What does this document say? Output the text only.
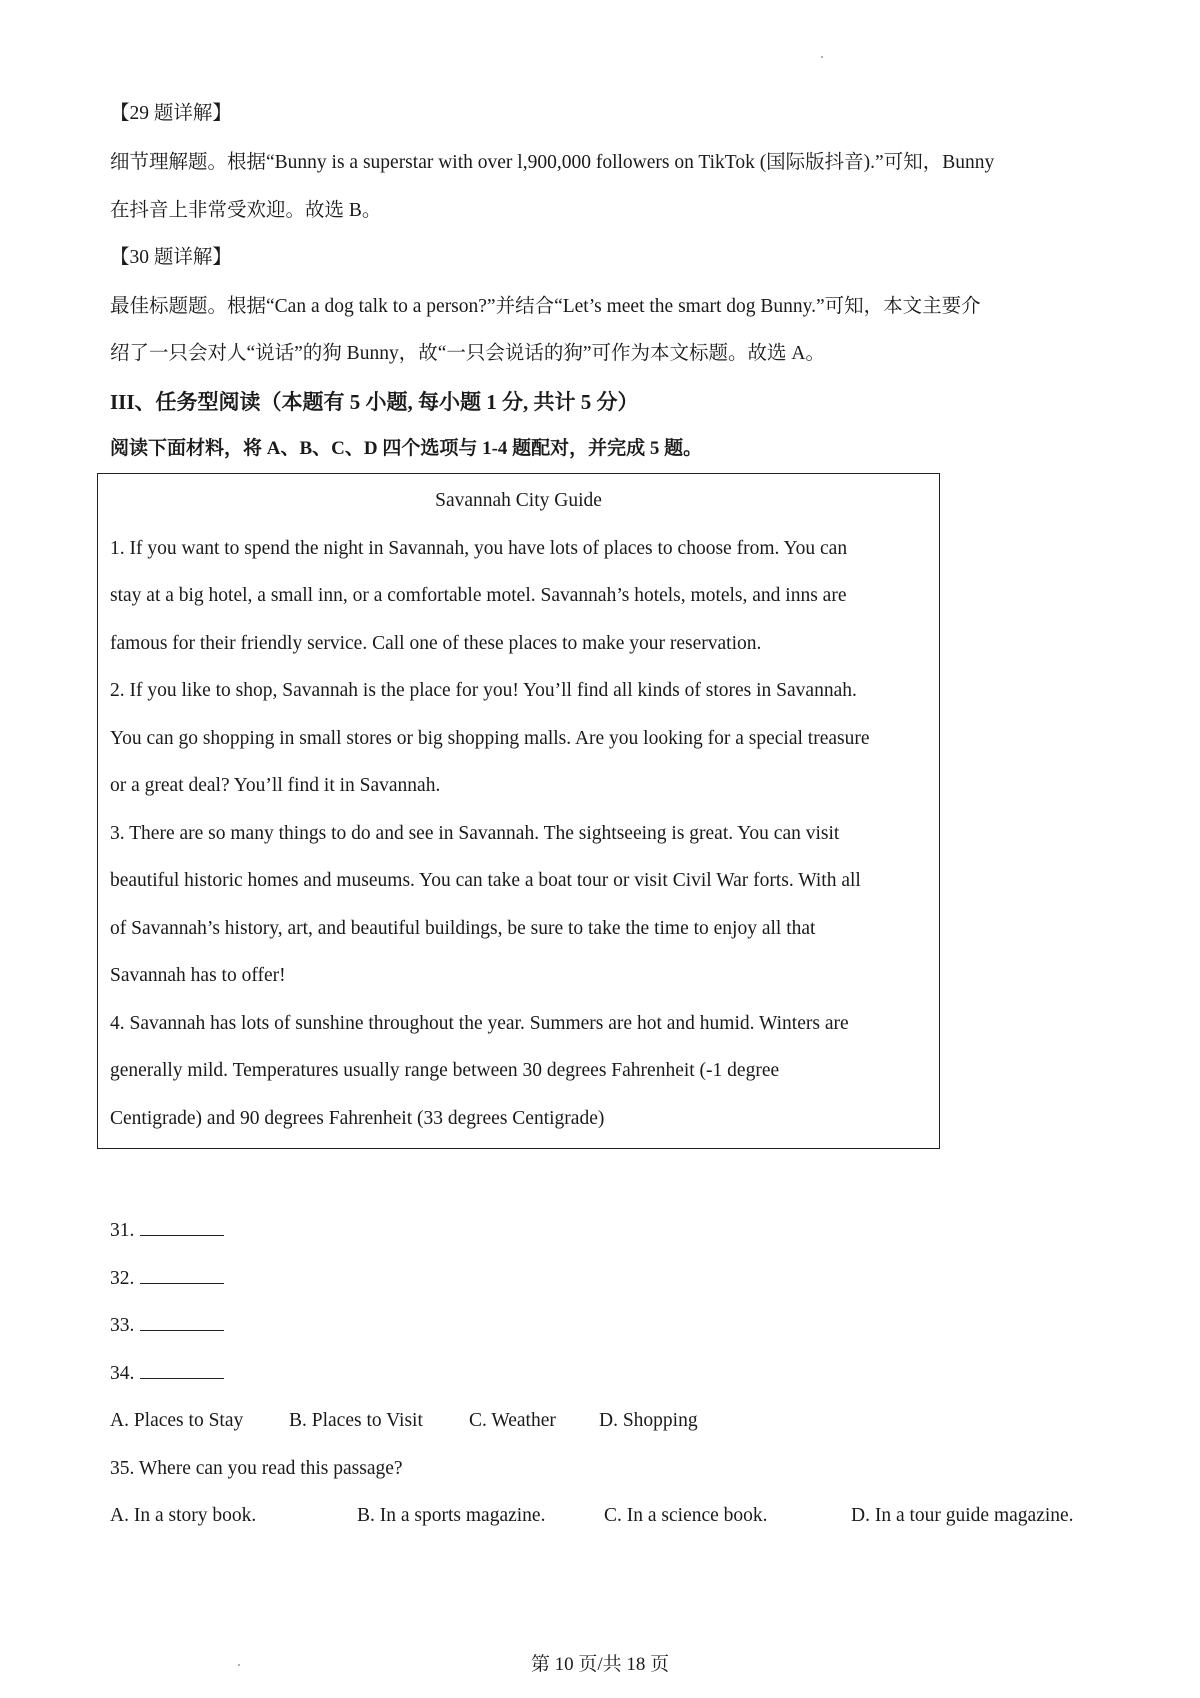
【29 题详解】
细节理解题。根据“Bunny is a superstar with over l,900,000 followers on TikTok (国际版抖音).”可知，Bunny
在抖音上非常受欢迎。故选 B。
【30 题详解】
最佳标题题。根据“Can a dog talk to a person?”并结合“Let’s meet the smart dog Bunny.”可知，本文主要介
绍了一只会对人“说话”的狗 Bunny，故“一只会说话的狗”可作为本文标题。故选 A。
III、任务型阅读（本题有 5 小题, 每小题 1 分, 共计 5 分）
阅读下面材料，将 A、B、C、D 四个选项与 1-4 题配对，并完成 5 题。
Savannah City Guide
1. If you want to spend the night in Savannah, you have lots of places to choose from. You can
stay at a big hotel, a small inn, or a comfortable motel. Savannah’s hotels, motels, and inns are
famous for their friendly service. Call one of these places to make your reservation.
2. If you like to shop, Savannah is the place for you! You’ll find all kinds of stores in Savannah.
You can go shopping in small stores or big shopping malls. Are you looking for a special treasure
or a great deal? You’ll find it in Savannah.
3. There are so many things to do and see in Savannah. The sightseeing is great. You can visit
beautiful historic homes and museums. You can take a boat tour or visit Civil War forts. With all
of Savannah’s history, art, and beautiful buildings, be sure to take the time to enjoy all that
Savannah has to offer!
4. Savannah has lots of sunshine throughout the year. Summers are hot and humid. Winters are
generally mild. Temperatures usually range between 30 degrees Fahrenheit (-1 degree
Centigrade) and 90 degrees Fahrenheit (33 degrees Centigrade)
31.
32.
33.
34.
A. Places to Stay B. Places to Visit C. Weather D. Shopping
35. Where can you read this passage?
A. In a story book.	B. In a sports magazine.	C. In a science book.	D. In a tour guide magazine.
第 10 页/共 18 页
